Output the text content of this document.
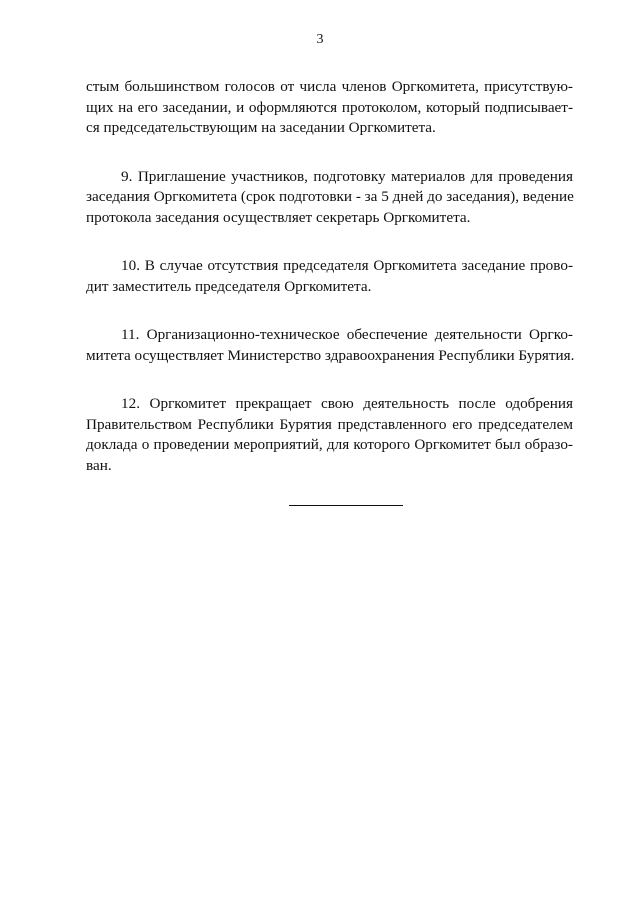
3
стым большинством голосов от числа членов Оргкомитета, присутствую-
щих на его заседании, и оформляются протоколом, который подписывает-
ся председательствующим на заседании Оргкомитета.
9. Приглашение участников, подготовку материалов для проведения
заседания Оргкомитета (срок подготовки - за 5 дней до заседания), ведение
протокола заседания осуществляет секретарь Оргкомитета.
10. В случае отсутствия председателя Оргкомитета заседание прово-
дит заместитель председателя Оргкомитета.
11. Организационно-техническое обеспечение деятельности Оргко-
митета осуществляет Министерство здравоохранения Республики Бурятия.
12. Оргкомитет прекращает свою деятельность после одобрения
Правительством Республики Бурятия представленного его председателем
доклада о проведении мероприятий, для которого Оргкомитет был образо-
ван.
